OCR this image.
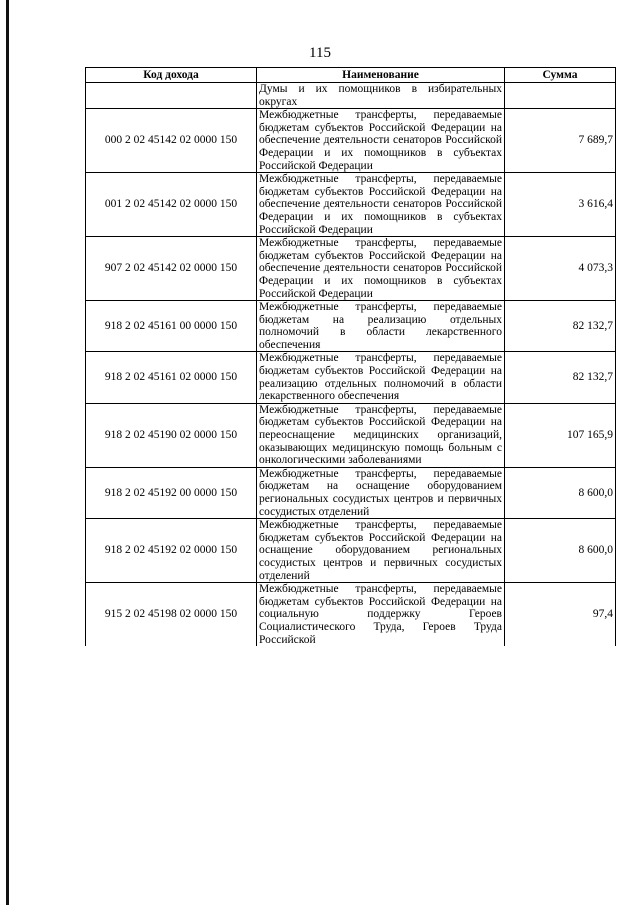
115
Код дохода	Наименование	Сумма
	Думы и их помощников в избирательных округах	
000 2 02 45142 02 0000 150	Межбюджетные трансферты, передаваемые бюджетам субъектов Российской Федерации на обеспечение деятельности сенаторов Российской Федерации и их помощников в субъектах Российской Федерации	7 689,7
001 2 02 45142 02 0000 150	Межбюджетные трансферты, передаваемые бюджетам субъектов Российской Федерации на обеспечение деятельности сенаторов Российской Федерации и их помощников в субъектах Российской Федерации	3 616,4
907 2 02 45142 02 0000 150	Межбюджетные трансферты, передаваемые бюджетам субъектов Российской Федерации на обеспечение деятельности сенаторов Российской Федерации и их помощников в субъектах Российской Федерации	4 073,3
918 2 02 45161 00 0000 150	Межбюджетные трансферты, передаваемые бюджетам на реализацию отдельных полномочий в области лекарственного обеспечения	82 132,7
918 2 02 45161 02 0000 150	Межбюджетные трансферты, передаваемые бюджетам субъектов Российской Федерации на реализацию отдельных полномочий в области лекарственного обеспечения	82 132,7
918 2 02 45190 02 0000 150	Межбюджетные трансферты, передаваемые бюджетам субъектов Российской Федерации на переоснащение медицинских организаций, оказывающих медицинскую помощь больным с онкологическими заболеваниями	107 165,9
918 2 02 45192 00 0000 150	Межбюджетные трансферты, передаваемые бюджетам на оснащение оборудованием региональных сосудистых центров и первичных сосудистых отделений	8 600,0
918 2 02 45192 02 0000 150	Межбюджетные трансферты, передаваемые бюджетам субъектов Российской Федерации на оснащение оборудованием региональных сосудистых центров и первичных сосудистых отделений	8 600,0
915 2 02 45198 02 0000 150	Межбюджетные трансферты, передаваемые бюджетам субъектов Российской Федерации на социальную поддержку Героев Социалистического Труда, Героев Труда Российской	97,4
